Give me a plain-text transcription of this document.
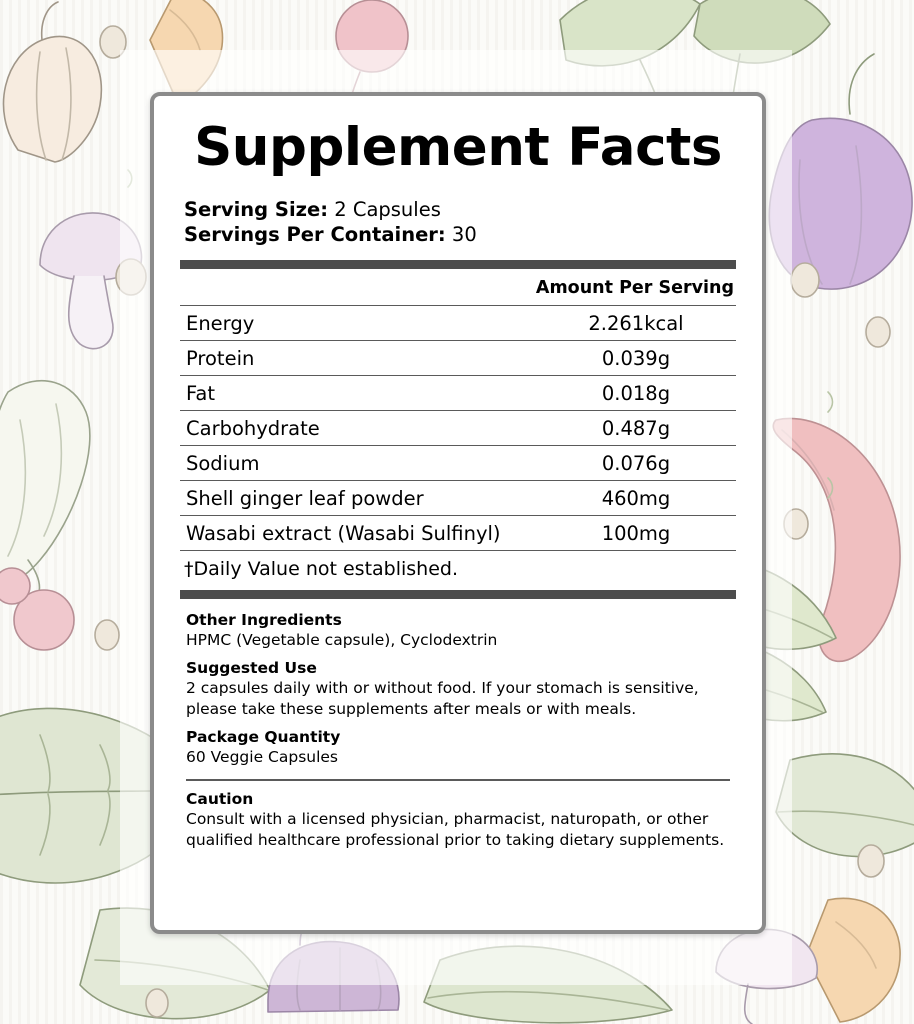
Supplement Facts
Serving Size: 2 Capsules
Servings Per Container: 30
Amount Per Serving
Energy	2.261kcal
Protein	0.039g
Fat	0.018g
Carbohydrate	0.487g
Sodium	0.076g
Shell ginger leaf powder	460mg
Wasabi extract (Wasabi Sulfinyl)	100mg
†Daily Value not established.
Other Ingredients

HPMC (Vegetable capsule), Cyclodextrin

Suggested Use

2 capsules daily with or without food. If your stomach is sensitive, please take these supplements after meals or with meals.

Package Quantity

60 Veggie Capsules

Caution

Consult with a licensed physician, pharmacist, naturopath, or other qualified healthcare professional prior to taking dietary supplements.
